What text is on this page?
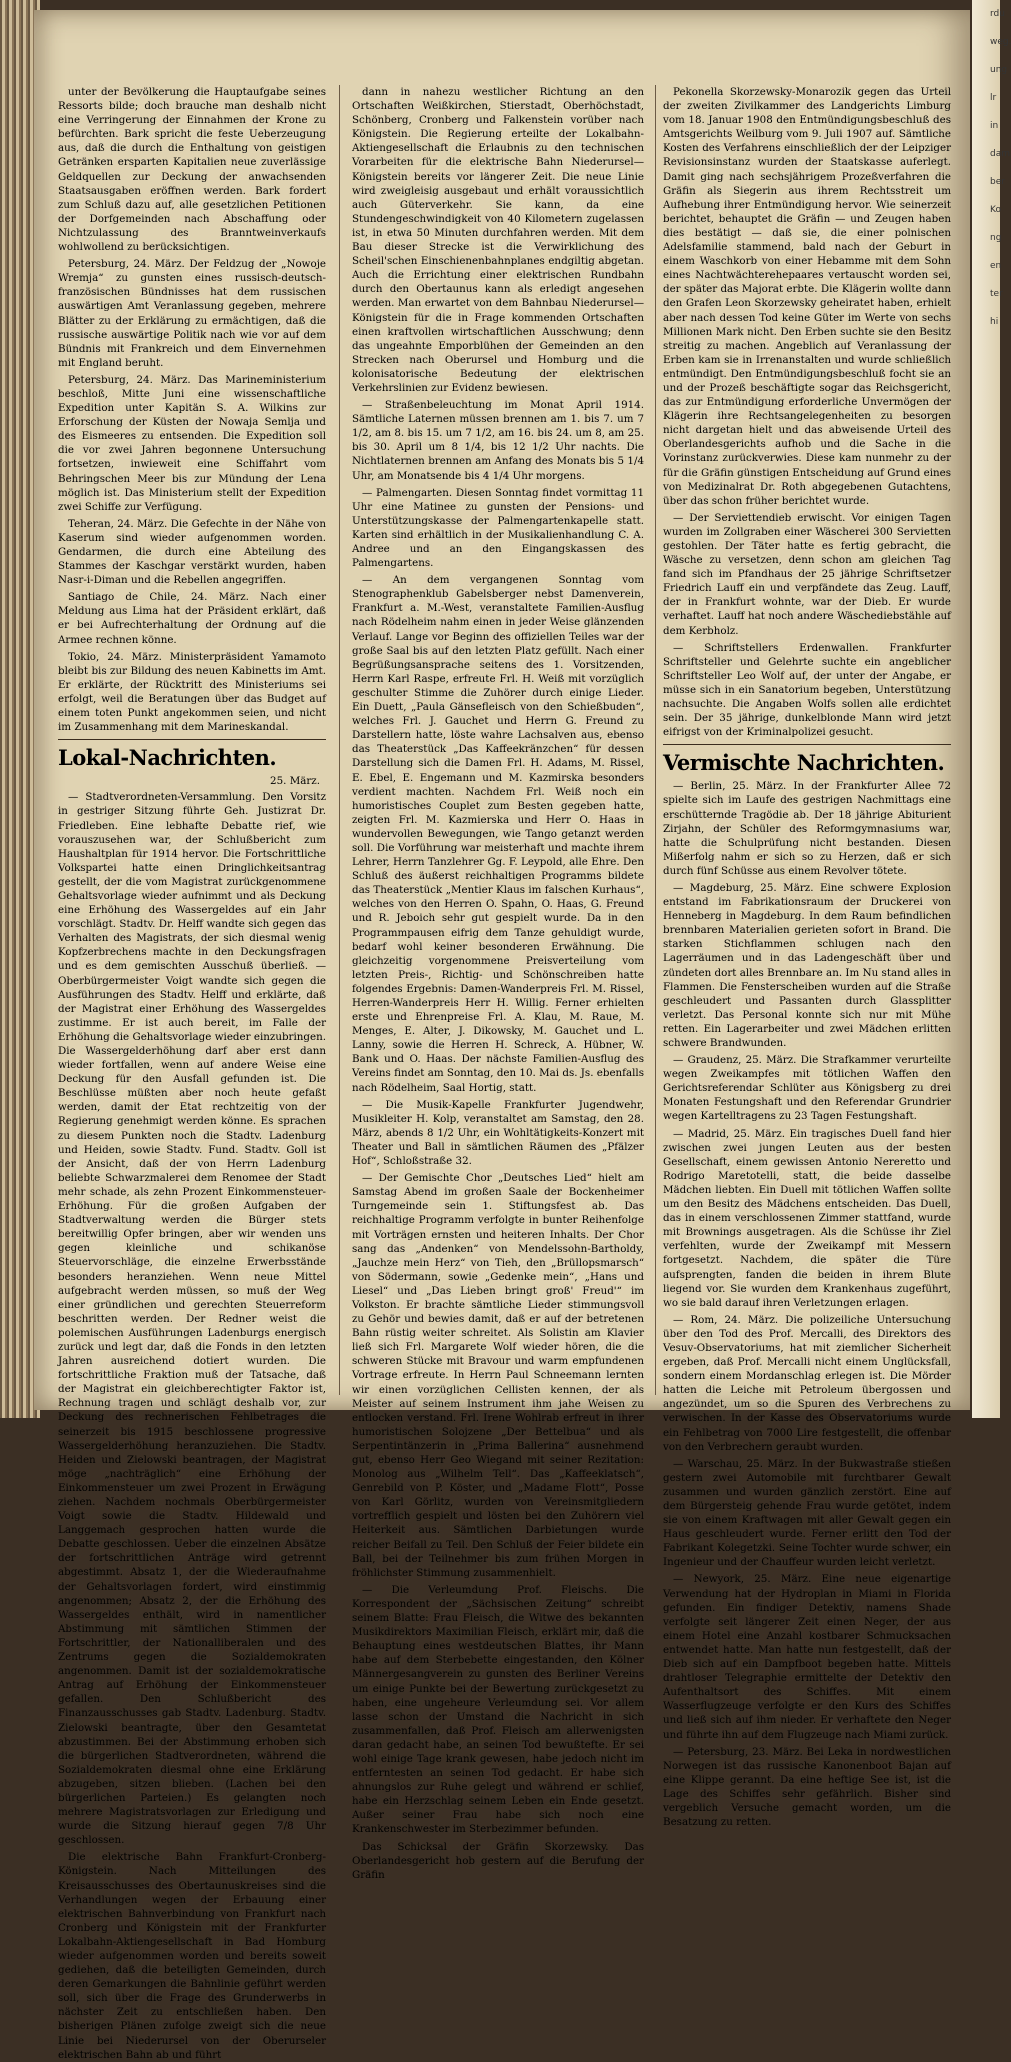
unter der Bevölkerung die Hauptaufgabe seines Ressorts bilde; doch brauche man deshalb nicht eine Verringerung der Einnahmen der Krone zu befürchten. Bark spricht die feste Ueberzeugung aus, daß die durch die Enthaltung von geistigen Getränken ersparten Kapitalien neue zuverlässige Geldquellen zur Deckung der anwachsenden Staatsausgaben eröffnen werden. Bark fordert zum Schluß dazu auf, alle gesetzlichen Petitionen der Dorfgemeinden nach Abschaffung oder Nichtzulassung des Branntweinverkaufs wohlwollend zu berücksichtigen.

Petersburg, 24. März. Der Feldzug der „Nowoje Wremja“ zu gunsten eines russisch-deutsch-französischen Bündnisses hat dem russischen auswärtigen Amt Veranlassung gegeben, mehrere Blätter zu der Erklärung zu ermächtigen, daß die russische auswärtige Politik nach wie vor auf dem Bündnis mit Frankreich und dem Einvernehmen mit England beruht.

Petersburg, 24. März. Das Marineministerium beschloß, Mitte Juni eine wissenschaftliche Expedition unter Kapitän S. A. Wilkins zur Erforschung der Küsten der Nowaja Semlja und des Eismeeres zu entsenden. Die Expedition soll die vor zwei Jahren begonnene Untersuchung fortsetzen, inwieweit eine Schiffahrt vom Behringschen Meer bis zur Mündung der Lena möglich ist. Das Ministerium stellt der Expedition zwei Schiffe zur Verfügung.

Teheran, 24. März. Die Gefechte in der Nähe von Kaserum sind wieder aufgenommen worden. Gendarmen, die durch eine Abteilung des Stammes der Kaschgar verstärkt wurden, haben Nasr-i-Diman und die Rebellen angegriffen.

Santiago de Chile, 24. März. Nach einer Meldung aus Lima hat der Präsident erklärt, daß er bei Aufrechterhaltung der Ordnung auf die Armee rechnen könne.

Tokio, 24. März. Ministerpräsident Yamamoto bleibt bis zur Bildung des neuen Kabinetts im Amt. Er erklärte, der Rücktritt des Ministeriums sei erfolgt, weil die Beratungen über das Budget auf einem toten Punkt angekommen seien, und nicht im Zusammenhang mit dem Marineskandal.

Lokal-Nachrichten.

25. März.

— Stadtverordneten-Versammlung. Den Vorsitz in gestriger Sitzung führte Geh. Justizrat Dr. Friedleben. Eine lebhafte Debatte rief, wie vorauszusehen war, der Schlußbericht zum Haushaltplan für 1914 hervor. Die Fortschrittliche Volkspartei hatte einen Dringlichkeitsantrag gestellt, der die vom Magistrat zurückgenommene Gehaltsvorlage wieder aufnimmt und als Deckung eine Erhöhung des Wassergeldes auf ein Jahr vorschlägt. Stadtv. Dr. Helff wandte sich gegen das Verhalten des Magistrats, der sich diesmal wenig Kopfzerbrechens machte in den Deckungsfragen und es dem gemischten Ausschuß überließ. — Oberbürgermeister Voigt wandte sich gegen die Ausführungen des Stadtv. Helff und erklärte, daß der Magistrat einer Erhöhung des Wassergeldes zustimme. Er ist auch bereit, im Falle der Erhöhung die Gehaltsvorlage wieder einzubringen. Die Wassergelderhöhung darf aber erst dann wieder fortfallen, wenn auf andere Weise eine Deckung für den Ausfall gefunden ist. Die Beschlüsse müßten aber noch heute gefaßt werden, damit der Etat rechtzeitig von der Regierung genehmigt werden könne. Es sprachen zu diesem Punkten noch die Stadtv. Ladenburg und Heiden, sowie Stadtv. Fund. Stadtv. Goll ist der Ansicht, daß der von Herrn Ladenburg beliebte Schwarzmalerei dem Renomee der Stadt mehr schade, als zehn Prozent Einkommensteuer-Erhöhung. Für die großen Aufgaben der Stadtverwaltung werden die Bürger stets bereitwillig Opfer bringen, aber wir wenden uns gegen kleinliche und schikanöse Steuervorschläge, die einzelne Erwerbsstände besonders heranziehen. Wenn neue Mittel aufgebracht werden müssen, so muß der Weg einer gründlichen und gerechten Steuerreform beschritten werden. Der Redner weist die polemischen Ausführungen Ladenburgs energisch zurück und legt dar, daß die Fonds in den letzten Jahren ausreichend dotiert wurden. Die fortschrittliche Fraktion muß der Tatsache, daß der Magistrat ein gleichberechtigter Faktor ist, Rechnung tragen und schlägt deshalb vor, zur Deckung des rechnerischen Fehlbetrages die seinerzeit bis 1915 beschlossene progressive Wassergelderhöhung heranzuziehen. Die Stadtv. Heiden und Zielowski beantragen, der Magistrat möge „nachträglich“ eine Erhöhung der Einkommensteuer um zwei Prozent in Erwägung ziehen. Nachdem nochmals Oberbürgermeister Voigt sowie die Stadtv. Hildewald und Langgemach gesprochen hatten wurde die Debatte geschlossen. Ueber die einzelnen Absätze der fortschrittlichen Anträge wird getrennt abgestimmt. Absatz 1, der die Wiederaufnahme der Gehaltsvorlagen fordert, wird einstimmig angenommen; Absatz 2, der die Erhöhung des Wassergeldes enthält, wird in namentlicher Abstimmung mit sämtlichen Stimmen der Fortschrittler, der Nationalliberalen und des Zentrums gegen die Sozialdemokraten angenommen. Damit ist der sozialdemokratische Antrag auf Erhöhung der Einkommensteuer gefallen. Den Schlußbericht des Finanzausschusses gab Stadtv. Ladenburg. Stadtv. Zielowski beantragte, über den Gesamtetat abzustimmen. Bei der Abstimmung erhoben sich die bürgerlichen Stadtverordneten, während die Sozialdemokraten diesmal ohne eine Erklärung abzugeben, sitzen blieben. (Lachen bei den bürgerlichen Parteien.) Es gelangten noch mehrere Magistratsvorlagen zur Erledigung und wurde die Sitzung hierauf gegen 7/8 Uhr geschlossen.

Die elektrische Bahn Frankfurt-Cronberg-Königstein. Nach Mitteilungen des Kreisausschusses des Obertaunuskreises sind die Verhandlungen wegen der Erbauung einer elektrischen Bahnverbindung von Frankfurt nach Cronberg und Königstein mit der Frankfurter Lokalbahn-Aktiengesellschaft in Bad Homburg wieder aufgenommen worden und bereits soweit gediehen, daß die beteiligten Gemeinden, durch deren Gemarkungen die Bahnlinie geführt werden soll, sich über die Frage des Grunderwerbs in nächster Zeit zu entschließen haben. Den bisherigen Plänen zufolge zweigt sich die neue Linie bei Niederursel von der Oberurseler elektrischen Bahn ab und führt

dann in nahezu westlicher Richtung an den Ortschaften Weißkirchen, Stierstadt, Oberhöchstadt, Schönberg, Cronberg und Falkenstein vorüber nach Königstein. Die Regierung erteilte der Lokalbahn-Aktiengesellschaft die Erlaubnis zu den technischen Vorarbeiten für die elektrische Bahn Niederursel—Königstein bereits vor längerer Zeit. Die neue Linie wird zweigleisig ausgebaut und erhält voraussichtlich auch Güterverkehr. Sie kann, da eine Stundengeschwindigkeit von 40 Kilometern zugelassen ist, in etwa 50 Minuten durchfahren werden. Mit dem Bau dieser Strecke ist die Verwirklichung des Scheil'schen Einschienenbahnplanes endgiltig abgetan. Auch die Errichtung einer elektrischen Rundbahn durch den Obertaunus kann als erledigt angesehen werden. Man erwartet von dem Bahnbau Niederursel—Königstein für die in Frage kommenden Ortschaften einen kraftvollen wirtschaftlichen Ausschwung; denn das ungeahnte Emporblühen der Gemeinden an den Strecken nach Oberursel und Homburg und die kolonisatorische Bedeutung der elektrischen Verkehrslinien zur Evidenz bewiesen.

— Straßenbeleuchtung im Monat April 1914. Sämtliche Laternen müssen brennen am 1. bis 7. um 7 1/2, am 8. bis 15. um 7 1/2, am 16. bis 24. um 8, am 25. bis 30. April um 8 1/4, bis 12 1/2 Uhr nachts. Die Nichtlaternen brennen am Anfang des Monats bis 5 1/4 Uhr, am Monatsende bis 4 1/4 Uhr morgens.

— Palmengarten. Diesen Sonntag findet vormittag 11 Uhr eine Matinee zu gunsten der Pensions- und Unterstützungskasse der Palmengartenkapelle statt. Karten sind erhältlich in der Musikalienhandlung C. A. Andree und an den Eingangskassen des Palmengartens.

— An dem vergangenen Sonntag vom Stenographenklub Gabelsberger nebst Damenverein, Frankfurt a. M.-West, veranstaltete Familien-Ausflug nach Rödelheim nahm einen in jeder Weise glänzenden Verlauf. Lange vor Beginn des offiziellen Teiles war der große Saal bis auf den letzten Platz gefüllt. Nach einer Begrüßungsansprache seitens des 1. Vorsitzenden, Herrn Karl Raspe, erfreute Frl. H. Weiß mit vorzüglich geschulter Stimme die Zuhörer durch einige Lieder. Ein Duett, „Paula Gänsefleisch von den Schießbuden“, welches Frl. J. Gauchet und Herrn G. Freund zu Darstellern hatte, löste wahre Lachsalven aus, ebenso das Theaterstück „Das Kaffeekränzchen“ für dessen Darstellung sich die Damen Frl. H. Adams, M. Rissel, E. Ebel, E. Engemann und M. Kazmirska besonders verdient machten. Nachdem Frl. Weiß noch ein humoristisches Couplet zum Besten gegeben hatte, zeigten Frl. M. Kazmierska und Herr O. Haas in wundervollen Bewegungen, wie Tango getanzt werden soll. Die Vorführung war meisterhaft und machte ihrem Lehrer, Herrn Tanzlehrer Gg. F. Leypold, alle Ehre. Den Schluß des äußerst reichhaltigen Programms bildete das Theaterstück „Mentier Klaus im falschen Kurhaus“, welches von den Herren O. Spahn, O. Haas, G. Freund und R. Jeboich sehr gut gespielt wurde. Da in den Programmpausen eifrig dem Tanze gehuldigt wurde, bedarf wohl keiner besonderen Erwähnung. Die gleichzeitig vorgenommene Preisverteilung vom letzten Preis-, Richtig- und Schönschreiben hatte folgendes Ergebnis: Damen-Wanderpreis Frl. M. Rissel, Herren-Wanderpreis Herr H. Willig. Ferner erhielten erste und Ehrenpreise Frl. A. Klau, M. Raue, M. Menges, E. Alter, J. Dikowsky, M. Gauchet und L. Lanny, sowie die Herren H. Schreck, A. Hübner, W. Bank und O. Haas. Der nächste Familien-Ausflug des Vereins findet am Sonntag, den 10. Mai ds. Js. ebenfalls nach Rödelheim, Saal Hortig, statt.

— Die Musik-Kapelle Frankfurter Jugendwehr, Musikleiter H. Kolp, veranstaltet am Samstag, den 28. März, abends 8 1/2 Uhr, ein Wohltätigkeits-Konzert mit Theater und Ball in sämtlichen Räumen des „Pfälzer Hof“, Schloßstraße 32.

— Der Gemischte Chor „Deutsches Lied“ hielt am Samstag Abend im großen Saale der Bockenheimer Turngemeinde sein 1. Stiftungsfest ab. Das reichhaltige Programm verfolgte in bunter Reihenfolge mit Vorträgen ernsten und heiteren Inhalts. Der Chor sang das „Andenken“ von Mendelssohn-Bartholdy, „Jauchze mein Herz“ von Tieh, den „Brüllopsmarsch“ von Södermann, sowie „Gedenke mein“, „Hans und Liesel“ und „Das Lieben bringt groß' Freud'“ im Volkston. Er brachte sämtliche Lieder stimmungsvoll zu Gehör und bewies damit, daß er auf der betretenen Bahn rüstig weiter schreitet. Als Solistin am Klavier ließ sich Frl. Margarete Wolf wieder hören, die die schweren Stücke mit Bravour und warm empfundenen Vortrage erfreute. In Herrn Paul Schneemann lernten wir einen vorzüglichen Cellisten kennen, der als Meister auf seinem Instrument ihm jahe Weisen zu entlocken verstand. Frl. Irene Wohlrab erfreut in ihrer humoristischen Solojzene „Der Bettelbua“ und als Serpentintänzerin in „Prima Ballerina“ ausnehmend gut, ebenso Herr Geo Wiegand mit seiner Rezitation: Monolog aus „Wilhelm Tell“. Das „Kaffeeklatsch“, Genrebild von P. Köster, und „Madame Flott“, Posse von Karl Görlitz, wurden von Vereinsmitgliedern vortrefflich gespielt und lösten bei den Zuhörern viel Heiterkeit aus. Sämtlichen Darbietungen wurde reicher Beifall zu Teil. Den Schluß der Feier bildete ein Ball, bei der Teilnehmer bis zum frühen Morgen in fröhlichster Stimmung zusammenhielt.

— Die Verleumdung Prof. Fleischs. Die Korrespondent der „Sächsischen Zeitung“ schreibt seinem Blatte: Frau Fleisch, die Witwe des bekannten Musikdirektors Maximilian Fleisch, erklärt mir, daß die Behauptung eines westdeutschen Blattes, ihr Mann habe auf dem Sterbebette eingestanden, den Kölner Männergesangverein zu gunsten des Berliner Vereins um einige Punkte bei der Bewertung zurückgesetzt zu haben, eine ungeheure Verleumdung sei. Vor allem lasse schon der Umstand die Nachricht in sich zusammenfallen, daß Prof. Fleisch am allerwenigsten daran gedacht habe, an seinen Tod bewußtefte. Er sei wohl einige Tage krank gewesen, habe jedoch nicht im entferntesten an seinen Tod gedacht. Er habe sich ahnungslos zur Ruhe gelegt und während er schlief, habe ein Herzschlag seinem Leben ein Ende gesetzt. Außer seiner Frau habe sich noch eine Krankenschwester im Sterbezimmer befunden.

Das Schicksal der Gräfin Skorzewsky. Das Oberlandesgericht hob gestern auf die Berufung der Gräfin

Pekonella Skorzewsky-Monarozik gegen das Urteil der zweiten Zivilkammer des Landgerichts Limburg vom 18. Januar 1908 den Entmündigungsbeschluß des Amtsgerichts Weilburg vom 9. Juli 1907 auf. Sämtliche Kosten des Verfahrens einschließlich der der Leipziger Revisionsinstanz wurden der Staatskasse auferlegt. Damit ging nach sechsjährigem Prozeßverfahren die Gräfin als Siegerin aus ihrem Rechtsstreit um Aufhebung ihrer Entmündigung hervor. Wie seinerzeit berichtet, behauptet die Gräfin — und Zeugen haben dies bestätigt — daß sie, die einer polnischen Adelsfamilie stammend, bald nach der Geburt in einem Waschkorb von einer Hebamme mit dem Sohn eines Nachtwächterehepaares vertauscht worden sei, der später das Majorat erbte. Die Klägerin wollte dann den Grafen Leon Skorzewsky geheiratet haben, erhielt aber nach dessen Tod keine Güter im Werte von sechs Millionen Mark nicht. Den Erben suchte sie den Besitz streitig zu machen. Angeblich auf Veranlassung der Erben kam sie in Irrenanstalten und wurde schließlich entmündigt. Den Entmündigungsbeschluß focht sie an und der Prozeß beschäftigte sogar das Reichsgericht, das zur Entmündigung erforderliche Unvermögen der Klägerin ihre Rechtsangelegenheiten zu besorgen nicht dargetan hielt und das abweisende Urteil des Oberlandesgerichts aufhob und die Sache in die Vorinstanz zurückverwies. Diese kam nunmehr zu der für die Gräfin günstigen Entscheidung auf Grund eines von Medizinalrat Dr. Roth abgegebenen Gutachtens, über das schon früher berichtet wurde.

— Der Serviettendieb erwischt. Vor einigen Tagen wurden im Zollgraben einer Wäscherei 300 Servietten gestohlen. Der Täter hatte es fertig gebracht, die Wäsche zu versetzen, denn schon am gleichen Tag fand sich im Pfandhaus der 25 jährige Schriftsetzer Friedrich Lauff ein und verpfändete das Zeug. Lauff, der in Frankfurt wohnte, war der Dieb. Er wurde verhaftet. Lauff hat noch andere Wäschediebstähle auf dem Kerbholz.

— Schriftstellers Erdenwallen. Frankfurter Schriftsteller und Gelehrte suchte ein angeblicher Schriftsteller Leo Wolf auf, der unter der Angabe, er müsse sich in ein Sanatorium begeben, Unterstützung nachsuchte. Die Angaben Wolfs sollen alle erdichtet sein. Der 35 jährige, dunkelblonde Mann wird jetzt eifrigst von der Kriminalpolizei gesucht.

Vermischte Nachrichten.

— Berlin, 25. März. In der Frankfurter Allee 72 spielte sich im Laufe des gestrigen Nachmittags eine erschütternde Tragödie ab. Der 18 jährige Abiturient Zirjahn, der Schüler des Reformgymnasiums war, hatte die Schulprüfung nicht bestanden. Diesen Mißerfolg nahm er sich so zu Herzen, daß er sich durch fünf Schüsse aus einem Revolver tötete.

— Magdeburg, 25. März. Eine schwere Explosion entstand im Fabrikationsraum der Druckerei von Henneberg in Magdeburg. In dem Raum befindlichen brennbaren Materialien gerieten sofort in Brand. Die starken Stichflammen schlugen nach den Lagerräumen und in das Ladengeschäft über und zündeten dort alles Brennbare an. Im Nu stand alles in Flammen. Die Fensterscheiben wurden auf die Straße geschleudert und Passanten durch Glassplitter verletzt. Das Personal konnte sich nur mit Mühe retten. Ein Lagerarbeiter und zwei Mädchen erlitten schwere Brandwunden.

— Graudenz, 25. März. Die Strafkammer verurteilte wegen Zweikampfes mit tötlichen Waffen den Gerichtsreferendar Schlüter aus Königsberg zu drei Monaten Festungshaft und den Referendar Grundrier wegen Kartelltragens zu 23 Tagen Festungshaft.

— Madrid, 25. März. Ein tragisches Duell fand hier zwischen zwei jungen Leuten aus der besten Gesellschaft, einem gewissen Antonio Nereretto und Rodrigo Maretotelli, statt, die beide dasselbe Mädchen liebten. Ein Duell mit tötlichen Waffen sollte um den Besitz des Mädchens entscheiden. Das Duell, das in einem verschlossenen Zimmer stattfand, wurde mit Brownings ausgetragen. Als die Schüsse ihr Ziel verfehlten, wurde der Zweikampf mit Messern fortgesetzt. Nachdem, die später die Türe aufsprengten, fanden die beiden in ihrem Blute liegend vor. Sie wurden dem Krankenhaus zugeführt, wo sie bald darauf ihren Verletzungen erlagen.

— Rom, 24. März. Die polizeiliche Untersuchung über den Tod des Prof. Mercalli, des Direktors des Vesuv-Observatoriums, hat mit ziemlicher Sicherheit ergeben, daß Prof. Mercalli nicht einem Unglücksfall, sondern einem Mordanschlag erlegen ist. Die Mörder hatten die Leiche mit Petroleum übergossen und angezündet, um so die Spuren des Verbrechens zu verwischen. In der Kasse des Observatoriums wurde ein Fehlbetrag von 7000 Lire festgestellt, die offenbar von den Verbrechern geraubt wurden.

— Warschau, 25. März. In der Bukwastraße stießen gestern zwei Automobile mit furchtbarer Gewalt zusammen und wurden gänzlich zerstört. Eine auf dem Bürgersteig gehende Frau wurde getötet, indem sie von einem Kraftwagen mit aller Gewalt gegen ein Haus geschleudert wurde. Ferner erlitt den Tod der Fabrikant Kolegetzki. Seine Tochter wurde schwer, ein Ingenieur und der Chauffeur wurden leicht verletzt.

— Newyork, 25. März. Eine neue eigenartige Verwendung hat der Hydroplan in Miami in Florida gefunden. Ein findiger Detektiv, namens Shade verfolgte seit längerer Zeit einen Neger, der aus einem Hotel eine Anzahl kostbarer Schmucksachen entwendet hatte. Man hatte nun festgestellt, daß der Dieb sich auf ein Dampfboot begeben hatte. Mittels drahtloser Telegraphie ermittelte der Detektiv den Aufenthaltsort des Schiffes. Mit einem Wasserflugzeuge verfolgte er den Kurs des Schiffes und ließ sich auf ihm nieder. Er verhaftete den Neger und führte ihn auf dem Flugzeuge nach Miami zurück.

— Petersburg, 23. März. Bei Leka in nordwestlichen Norwegen ist das russische Kanonenboot Bajan auf eine Klippe gerannt. Da eine heftige See ist, ist die Lage des Schiffes sehr gefährlich. Bisher sind vergeblich Versuche gemacht worden, um die Besatzung zu retten.

rdu
weg.
ung
lr
in
dam
ber
Ko
ng
en
ter
hi
